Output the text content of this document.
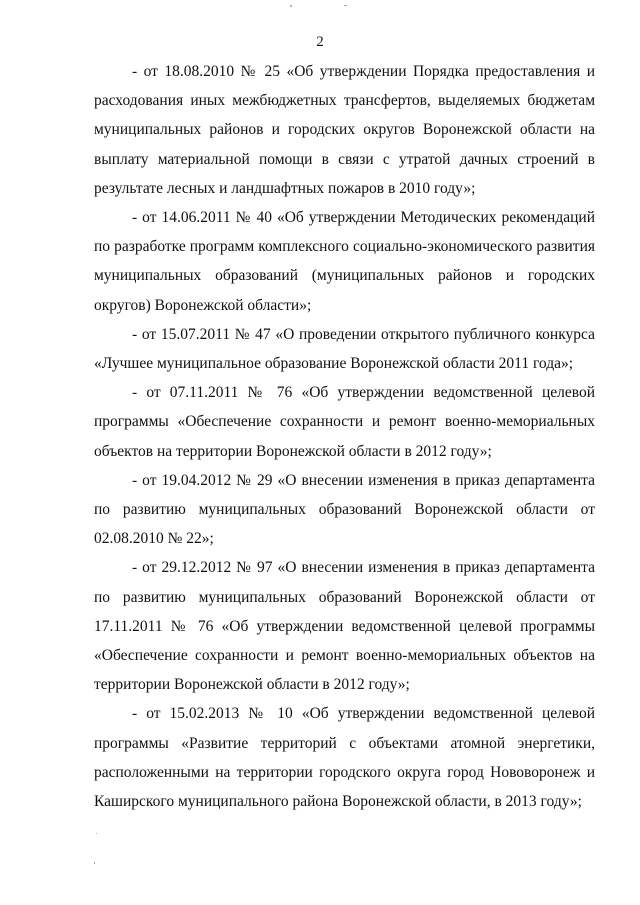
2

- от 18.08.2010 № 25 «Об утверждении Порядка предоставления и расходования иных межбюджетных трансфертов, выделяемых бюджетам муниципальных районов и городских округов Воронежской области на выплату материальной помощи в связи с утратой дачных строений в результате лесных и ландшафтных пожаров в 2010 году»;

- от 14.06.2011 № 40 «Об утверждении Методических рекомендаций по разработке программ комплексного социально-экономического развития муниципальных образований (муниципальных районов и городских округов) Воронежской области»;

- от 15.07.2011 № 47 «О проведении открытого публичного конкурса «Лучшее муниципальное образование Воронежской области 2011 года»;

- от 07.11.2011 № 76 «Об утверждении ведомственной целевой программы «Обеспечение сохранности и ремонт военно-мемориальных объектов на территории Воронежской области в 2012 году»;

- от 19.04.2012 № 29 «О внесении изменения в приказ департамента по развитию муниципальных образований Воронежской области от 02.08.2010 № 22»;

- от 29.12.2012 № 97 «О внесении изменения в приказ департамента по развитию муниципальных образований Воронежской области от 17.11.2011 № 76 «Об утверждении ведомственной целевой программы «Обеспечение сохранности и ремонт военно-мемориальных объектов на территории Воронежской области в 2012 году»;

- от 15.02.2013 № 10 «Об утверждении ведомственной целевой программы «Развитие территорий с объектами атомной энергетики, расположенными на территории городского округа город Нововоронеж и Каширского муниципального района Воронежской области, в 2013 году»;
